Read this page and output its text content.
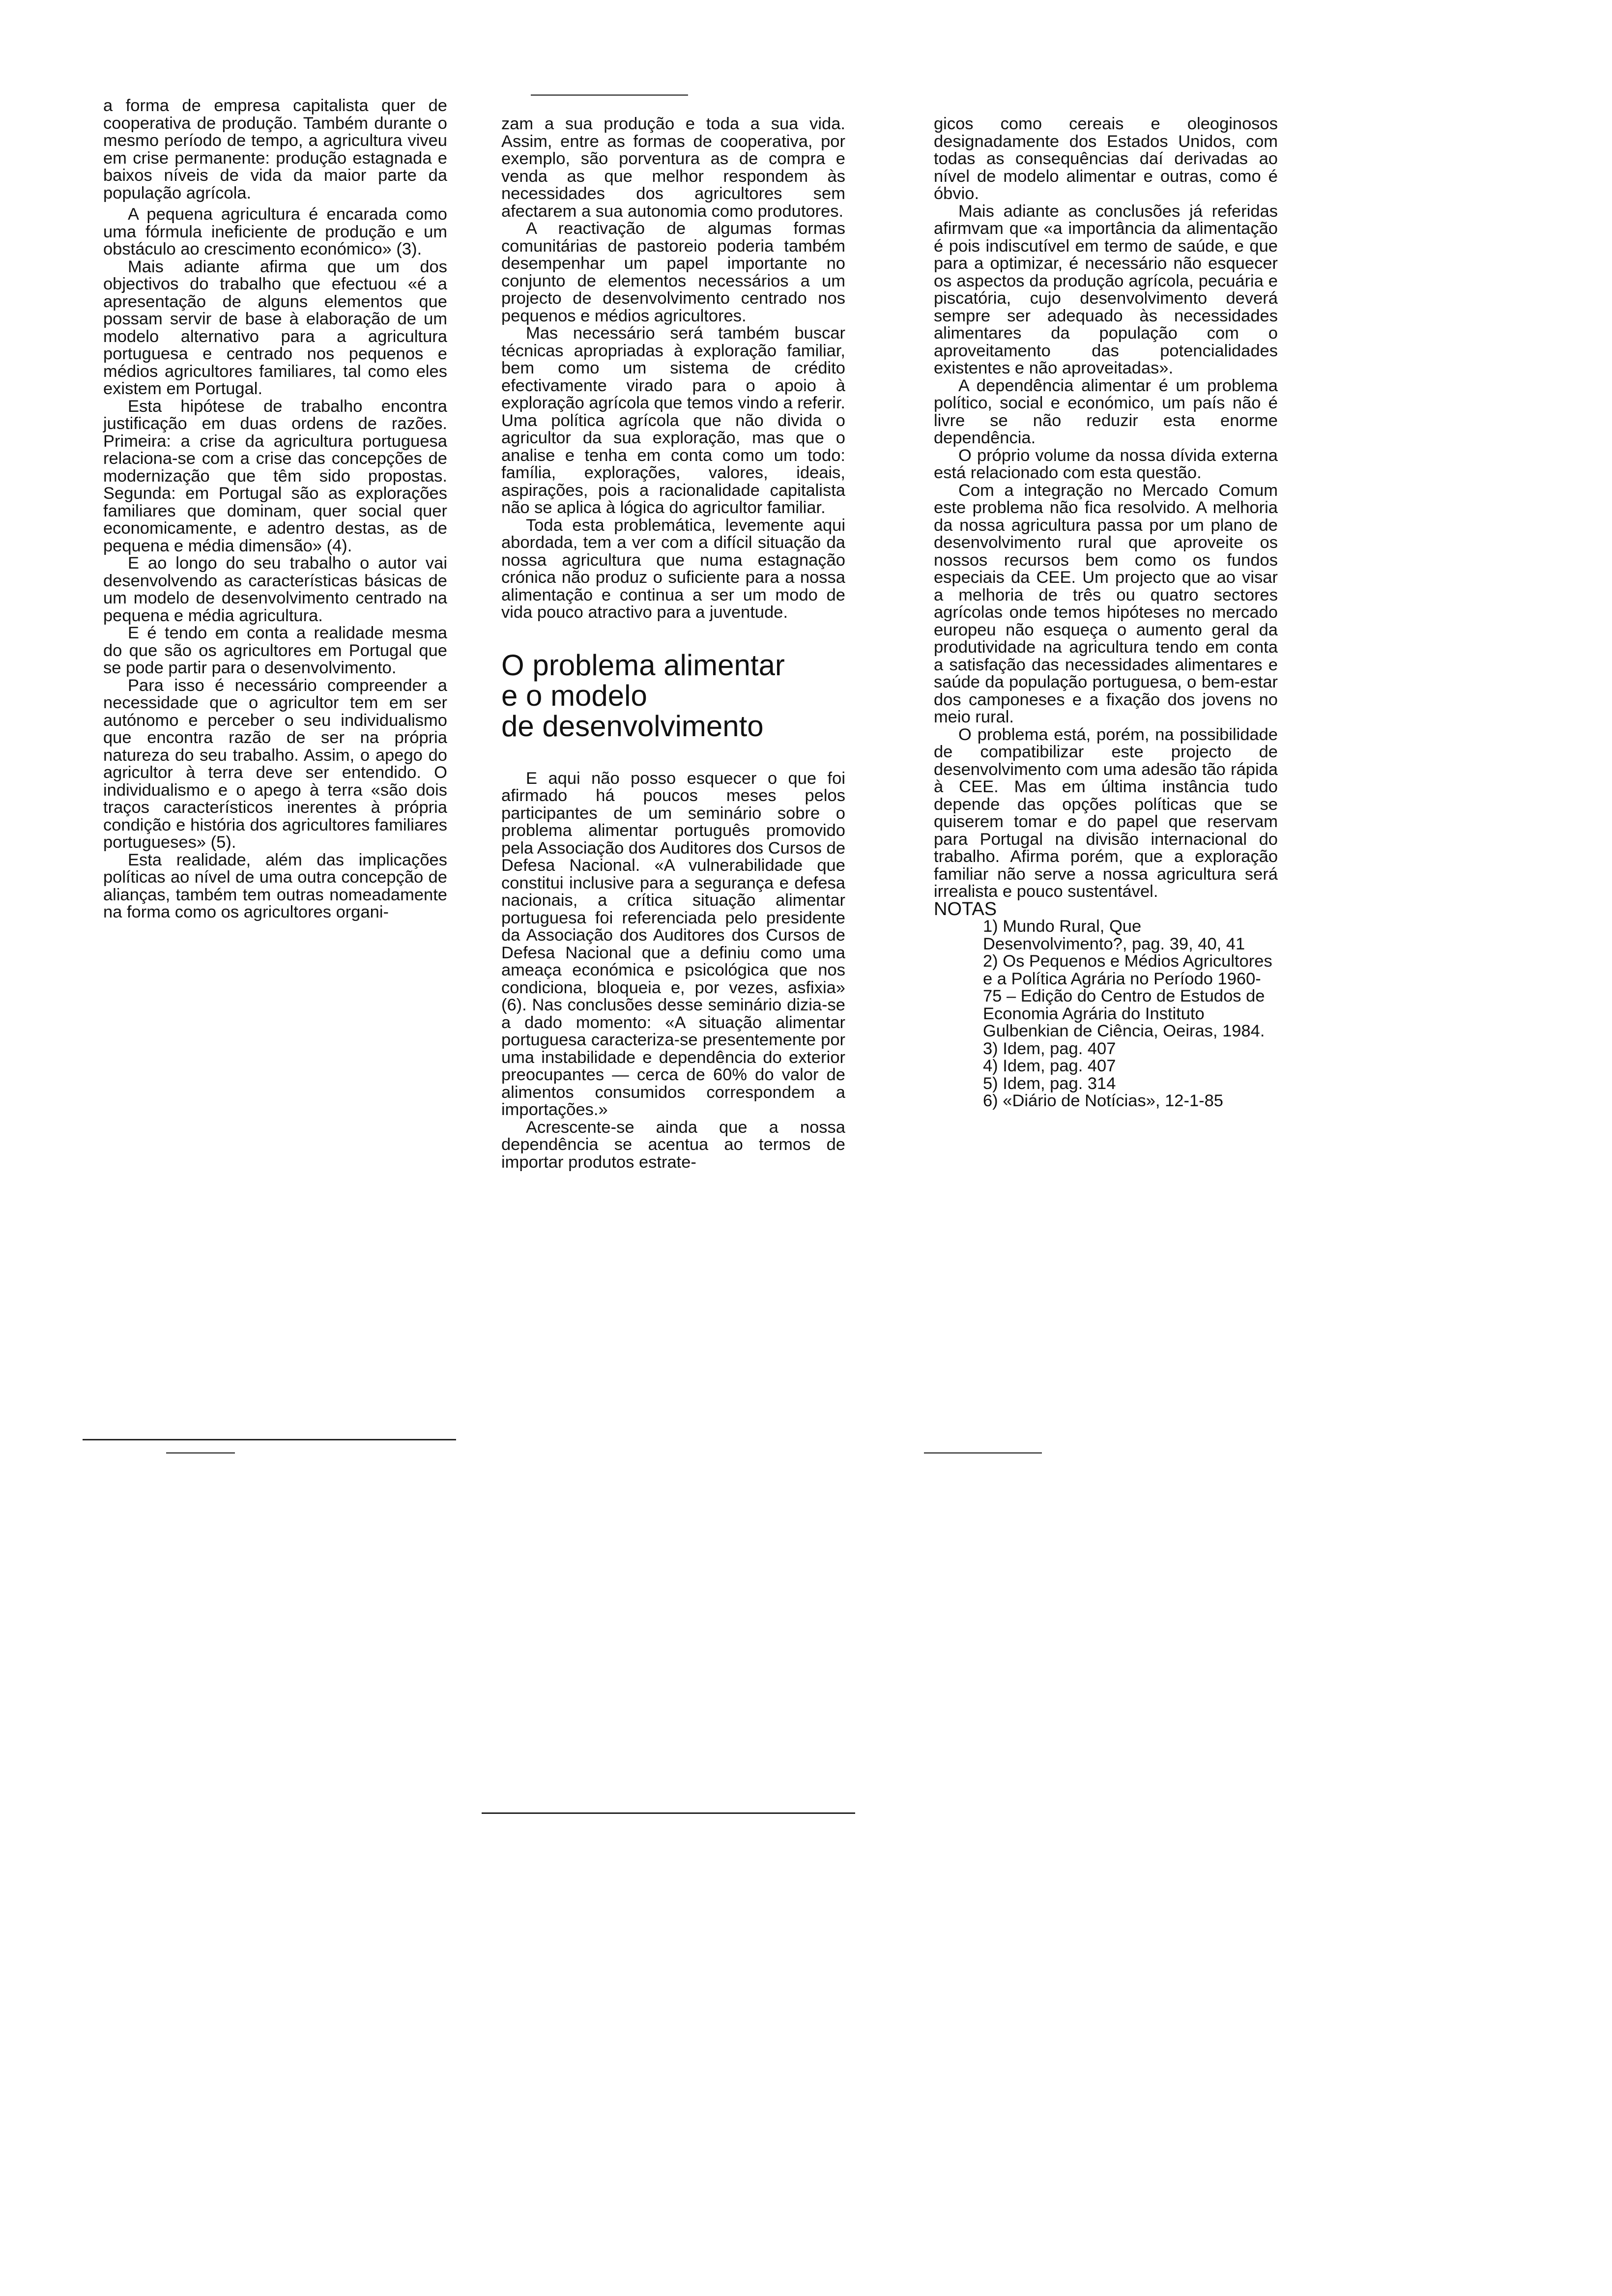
a forma de empresa capitalista quer de cooperativa de produção. Também durante o mesmo período de tempo, a agricultura viveu em crise permanente: produção estagnada e baixos níveis de vida da maior parte da população agrícola.

A pequena agricultura é encarada como uma fórmula ineficiente de produção e um obstáculo ao crescimento económico» (3).

Mais adiante afirma que um dos objectivos do trabalho que efectuou «é a apresentação de alguns elementos que possam servir de base à elaboração de um modelo alternativo para a agricultura portuguesa e centrado nos pequenos e médios agricultores familiares, tal como eles existem em Portugal.

Esta hipótese de trabalho encontra justificação em duas ordens de razões. Primeira: a crise da agricultura portuguesa relaciona-se com a crise das concepções de modernização que têm sido propostas. Segunda: em Portugal são as explorações familiares que dominam, quer social quer economicamente, e adentro destas, as de pequena e média dimensão» (4).

E ao longo do seu trabalho o autor vai desenvolvendo as características básicas de um modelo de desenvolvimento centrado na pequena e média agricultura.

E é tendo em conta a realidade mesma do que são os agricultores em Portugal que se pode partir para o desenvolvimento.

Para isso é necessário compreender a necessidade que o agricultor tem em ser autónomo e perceber o seu individualismo que encontra razão de ser na própria natureza do seu trabalho. Assim, o apego do agricultor à terra deve ser entendido. O individualismo e o apego à terra «são dois traços característicos inerentes à própria condição e história dos agricultores familiares portugueses» (5).

Esta realidade, além das implicações políticas ao nível de uma outra concepção de alianças, também tem outras nomeadamente na forma como os agricultores organi-

zam a sua produção e toda a sua vida. Assim, entre as formas de cooperativa, por exemplo, são porventura as de compra e venda as que melhor respondem às necessidades dos agricultores sem afectarem a sua autonomia como produtores.

A reactivação de algumas formas comunitárias de pastoreio poderia também desempenhar um papel importante no conjunto de elementos necessários a um projecto de desenvolvimento centrado nos pequenos e médios agricultores.

Mas necessário será também buscar técnicas apropriadas à exploração familiar, bem como um sistema de crédito efectivamente virado para o apoio à exploração agrícola que temos vindo a referir. Uma política agrícola que não divida o agricultor da sua exploração, mas que o analise e tenha em conta como um todo: família, explorações, valores, ideais, aspirações, pois a racionalidade capitalista não se aplica à lógica do agricultor familiar.

Toda esta problemática, levemente aqui abordada, tem a ver com a difícil situação da nossa agricultura que numa estagnação crónica não produz o suficiente para a nossa alimentação e continua a ser um modo de vida pouco atractivo para a juventude.

O problema alimentar
e o modelo
de desenvolvimento

E aqui não posso esquecer o que foi afirmado há poucos meses pelos participantes de um seminário sobre o problema alimentar português promovido pela Associação dos Auditores dos Cursos de Defesa Nacional. «A vulnerabilidade que constitui inclusive para a segurança e defesa nacionais, a crítica situação alimentar portuguesa foi referenciada pelo presidente da Associação dos Auditores dos Cursos de Defesa Nacional que a definiu como uma ameaça económica e psicológica que nos condiciona, bloqueia e, por vezes, asfixia» (6). Nas conclusões desse seminário dizia-se a dado momento: «A situação alimentar portuguesa caracteriza-se presentemente por uma instabilidade e dependência do exterior preocupantes — cerca de 60% do valor de alimentos consumidos correspondem a importações.»

Acrescente-se ainda que a nossa dependência se acentua ao termos de importar produtos estrate-

gicos como cereais e oleoginosos designadamente dos Estados Unidos, com todas as consequências daí derivadas ao nível de modelo alimentar e outras, como é óbvio.

Mais adiante as conclusões já referidas afirmvam que «a importância da alimentação é pois indiscutível em termo de saúde, e que para a optimizar, é necessário não esquecer os aspectos da produção agrícola, pecuária e piscatória, cujo desenvolvimento deverá sempre ser adequado às necessidades alimentares da população com o aproveitamento das potencialidades existentes e não aproveitadas».

A dependência alimentar é um problema político, social e económico, um país não é livre se não reduzir esta enorme dependência.

O próprio volume da nossa dívida externa está relacionado com esta questão.

Com a integração no Mercado Comum este problema não fica resolvido. A melhoria da nossa agricultura passa por um plano de desenvolvimento rural que aproveite os nossos recursos bem como os fundos especiais da CEE. Um projecto que ao visar a melhoria de três ou quatro sectores agrícolas onde temos hipóteses no mercado europeu não esqueça o aumento geral da produtividade na agricultura tendo em conta a satisfação das necessidades alimentares e saúde da população portuguesa, o bem-estar dos camponeses e a fixação dos jovens no meio rural.

O problema está, porém, na possibilidade de compatibilizar este projecto de desenvolvimento com uma adesão tão rápida à CEE. Mas em última instância tudo depende das opções políticas que se quiserem tomar e do papel que reservam para Portugal na divisão internacional do trabalho. Afirma porém, que a exploração familiar não serve a nossa agricultura será irrealista e pouco sustentável.

NOTAS

1) Mundo Rural, Que Desenvolvimento?, pag. 39, 40, 41
2) Os Pequenos e Médios Agricultores e a Política Agrária no Período 1960-75 – Edição do Centro de Estudos de Economia Agrária do Instituto Gulbenkian de Ciência, Oeiras, 1984.
3) Idem, pag. 407
4) Idem, pag. 407
5) Idem, pag. 314
6) «Diário de Notícias», 12-1-85
